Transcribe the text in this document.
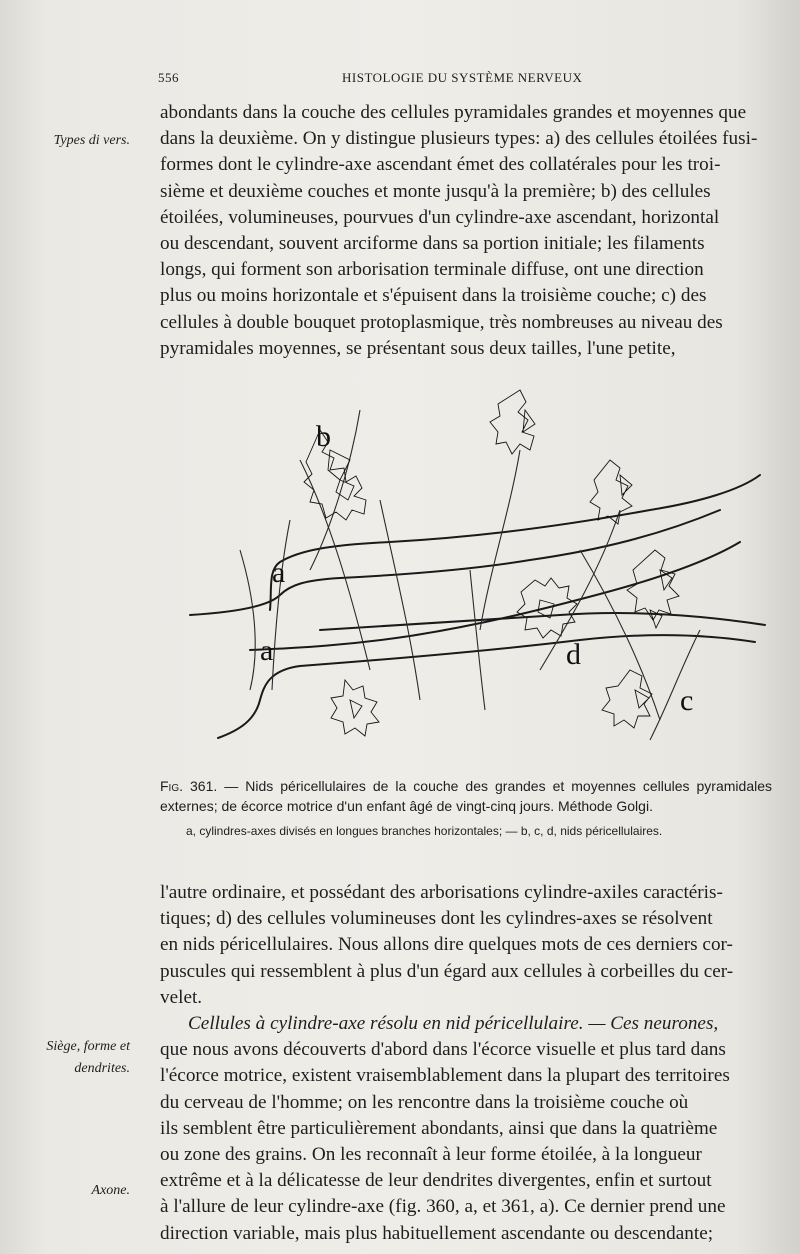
556	HISTOLOGIE DU SYSTÈME NERVEUX
Types di vers.
Siège, forme et dendrites.
Axone.
abondants dans la couche des cellules pyramidales grandes et moyennes que
dans la deuxième. On y distingue plusieurs types: a) des cellules étoilées fusi-
formes dont le cylindre-axe ascendant émet des collatérales pour les troi-
sième et deuxième couches et monte jusqu'à la première; b) des cellules
étoilées, volumineuses, pourvues d'un cylindre-axe ascendant, horizontal
ou descendant, souvent arciforme dans sa portion initiale; les filaments
longs, qui forment son arborisation terminale diffuse, ont une direction
plus ou moins horizontale et s'épuisent dans la troisième couche; c) des
cellules à double bouquet protoplasmique, très nombreuses au niveau des
pyramidales moyennes, se présentant sous deux tailles, l'une petite,
b
a
a	d
c
Fig. 361. — Nids péricellulaires de la couche des grandes et moyennes cellules pyramidales externes; de écorce motrice d'un enfant âgé de vingt-cinq jours. Méthode Golgi.
a, cylindres-axes divisés en longues branches horizontales; — b, c, d, nids péricellulaires.
l'autre ordinaire, et possédant des arborisations cylindre-axiles caractéris-
tiques; d) des cellules volumineuses dont les cylindres-axes se résolvent
en nids péricellulaires. Nous allons dire quelques mots de ces derniers cor-
puscules qui ressemblent à plus d'un égard aux cellules à corbeilles du cer-
velet.
Cellules à cylindre-axe résolu en nid péricellulaire. — Ces neurones,
que nous avons découverts d'abord dans l'écorce visuelle et plus tard dans
l'écorce motrice, existent vraisemblablement dans la plupart des territoires
du cerveau de l'homme; on les rencontre dans la troisième couche où
ils semblent être particulièrement abondants, ainsi que dans la quatrième
ou zone des grains. On les reconnaît à leur forme étoilée, à la longueur
extrême et à la délicatesse de leur dendrites divergentes, enfin et surtout
à l'allure de leur cylindre-axe (fig. 360, a, et 361, a). Ce dernier prend une
direction variable, mais plus habituellement ascendante ou descendante;
